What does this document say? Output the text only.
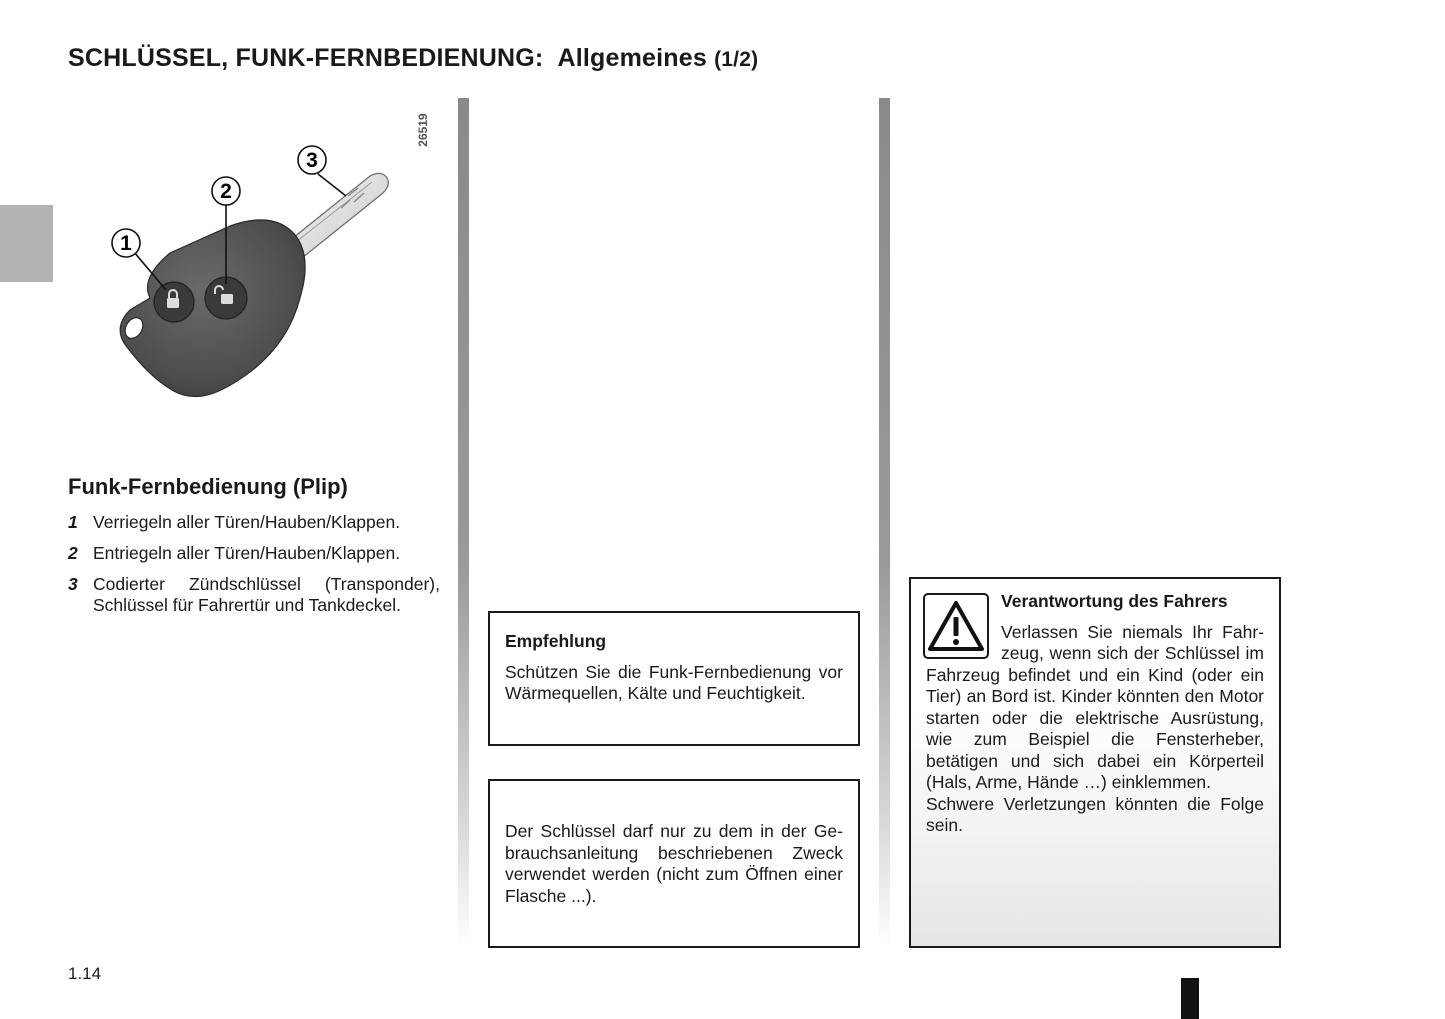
SCHLÜSSEL, FUNK-FERNBEDIENUNG: Allgemeines (1/2)
26519
1
2
3
Funk-Fernbedienung (Plip)
1 Verriegeln aller Türen/Hauben/Klappen.
2 Entriegeln aller Türen/Hauben/Klappen.
3 Codierter Zündschlüssel (Transponder), Schlüssel für Fahrertür und Tankdeckel.
Empfehlung
Schützen Sie die Funk-Fernbedienung vor Wärmequellen, Kälte und Feuchtigkeit.
Der Schlüssel darf nur zu dem in der Gebrauchsanleitung beschriebenen Zweck verwendet werden (nicht zum Öffnen einer Flasche ...).
Verantwortung des Fahrers
Verlassen Sie niemals Ihr Fahrzeug, wenn sich der Schlüssel im Fahrzeug befindet und ein Kind (oder ein Tier) an Bord ist. Kinder könnten den Motor starten oder die elektrische Ausrüstung, wie zum Beispiel die Fensterheber, betätigen und sich dabei ein Körperteil (Hals, Arme, Hände …) einklemmen.
Schwere Verletzungen könnten die Folge sein.
1.14
